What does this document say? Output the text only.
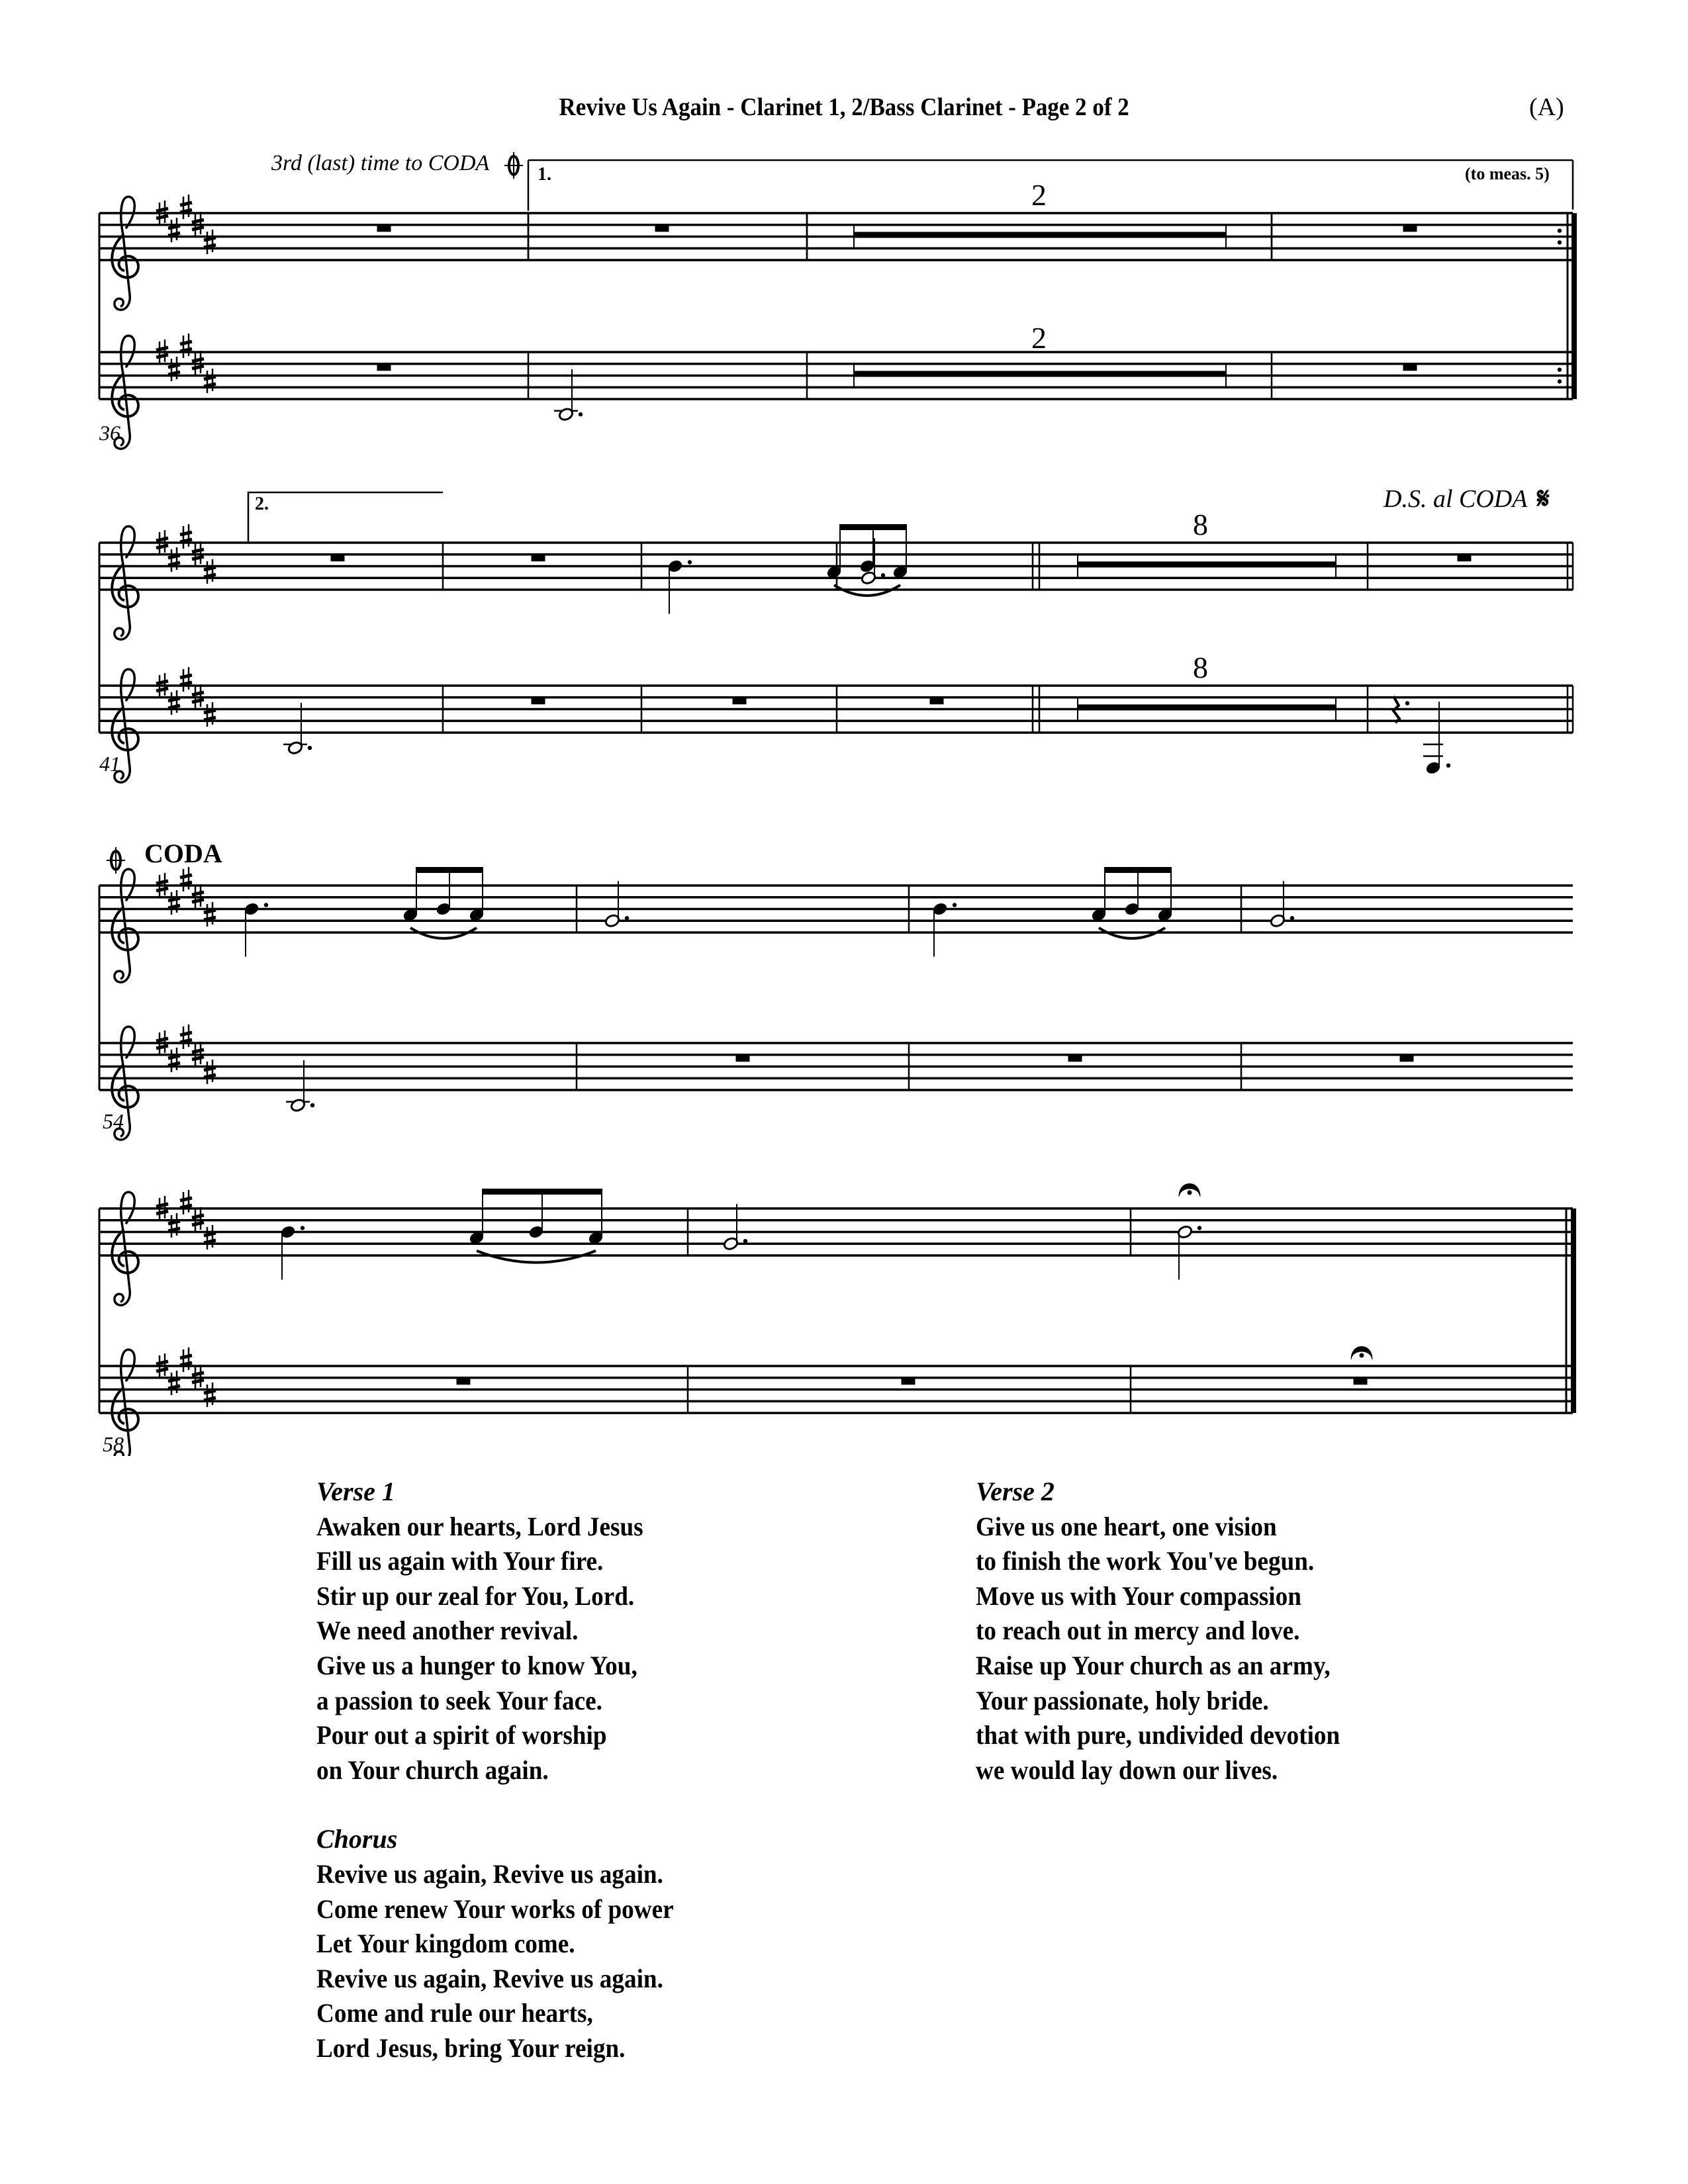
Revive Us Again - Clarinet 1, 2/Bass Clarinet - Page 2 of 2	(A)
3rd (last) time to CODA	1.	(to meas. 5)
2
2
36
2.	D.S. al CODA 𝄋
8
8
41
CODA
54
58
Verse 1
Awaken our hearts, Lord Jesus
Fill us again with Your fire.
Stir up our zeal for You, Lord.
We need another revival.
Give us a hunger to know You,
a passion to seek Your face.
Pour out a spirit of worship
on Your church again.
Chorus
Revive us again, Revive us again.
Come renew Your works of power
Let Your kingdom come.
Revive us again, Revive us again.
Come and rule our hearts,
Lord Jesus, bring Your reign.
Verse 2
Give us one heart, one vision
to finish the work You've begun.
Move us with Your compassion
to reach out in mercy and love.
Raise up Your church as an army,
Your passionate, holy bride.
that with pure, undivided devotion
we would lay down our lives.
